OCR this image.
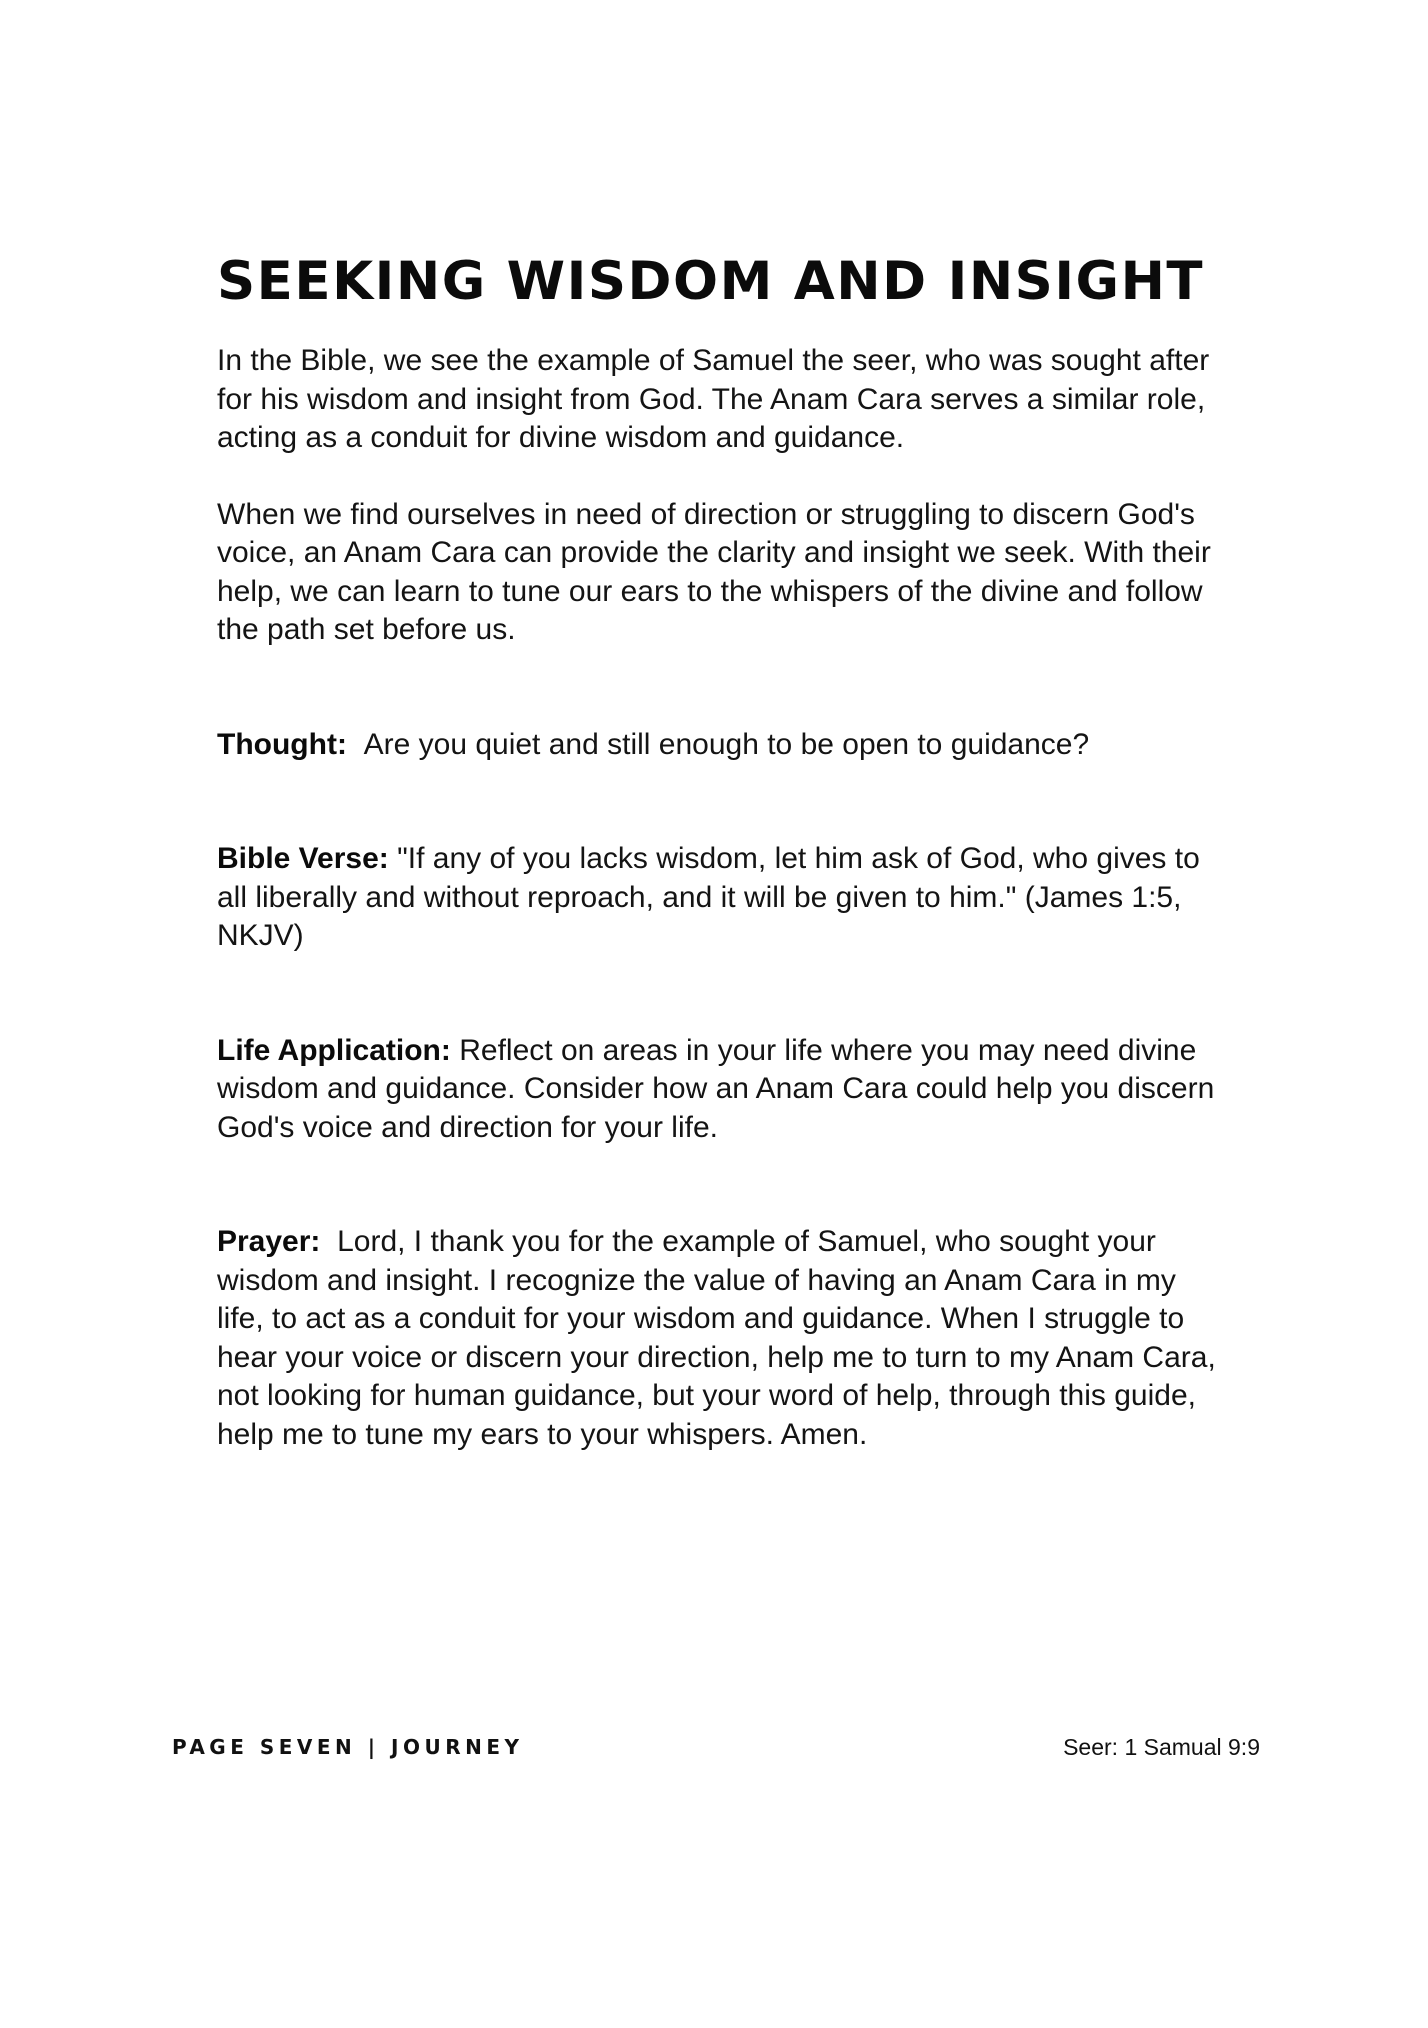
SEEKING WISDOM AND INSIGHT

In the Bible, we see the example of Samuel the seer, who was sought after for his wisdom and insight from God. The Anam Cara serves a similar role, acting as a conduit for divine wisdom and guidance.

When we find ourselves in need of direction or struggling to discern God's voice, an Anam Cara can provide the clarity and insight we seek. With their help, we can learn to tune our ears to the whispers of the divine and follow the path set before us.

Thought: Are you quiet and still enough to be open to guidance?

Bible Verse: "If any of you lacks wisdom, let him ask of God, who gives to all liberally and without reproach, and it will be given to him." (James 1:5, NKJV)

Life Application: Reflect on areas in your life where you may need divine wisdom and guidance. Consider how an Anam Cara could help you discern God's voice and direction for your life.

Prayer: Lord, I thank you for the example of Samuel, who sought your wisdom and insight. I recognize the value of having an Anam Cara in my life, to act as a conduit for your wisdom and guidance. When I struggle to hear your voice or discern your direction, help me to turn to my Anam Cara, not looking for human guidance, but your word of help, through this guide, help me to tune my ears to your whispers. Amen.

PAGE SEVEN | JOURNEY	Seer: 1 Samual 9:9
